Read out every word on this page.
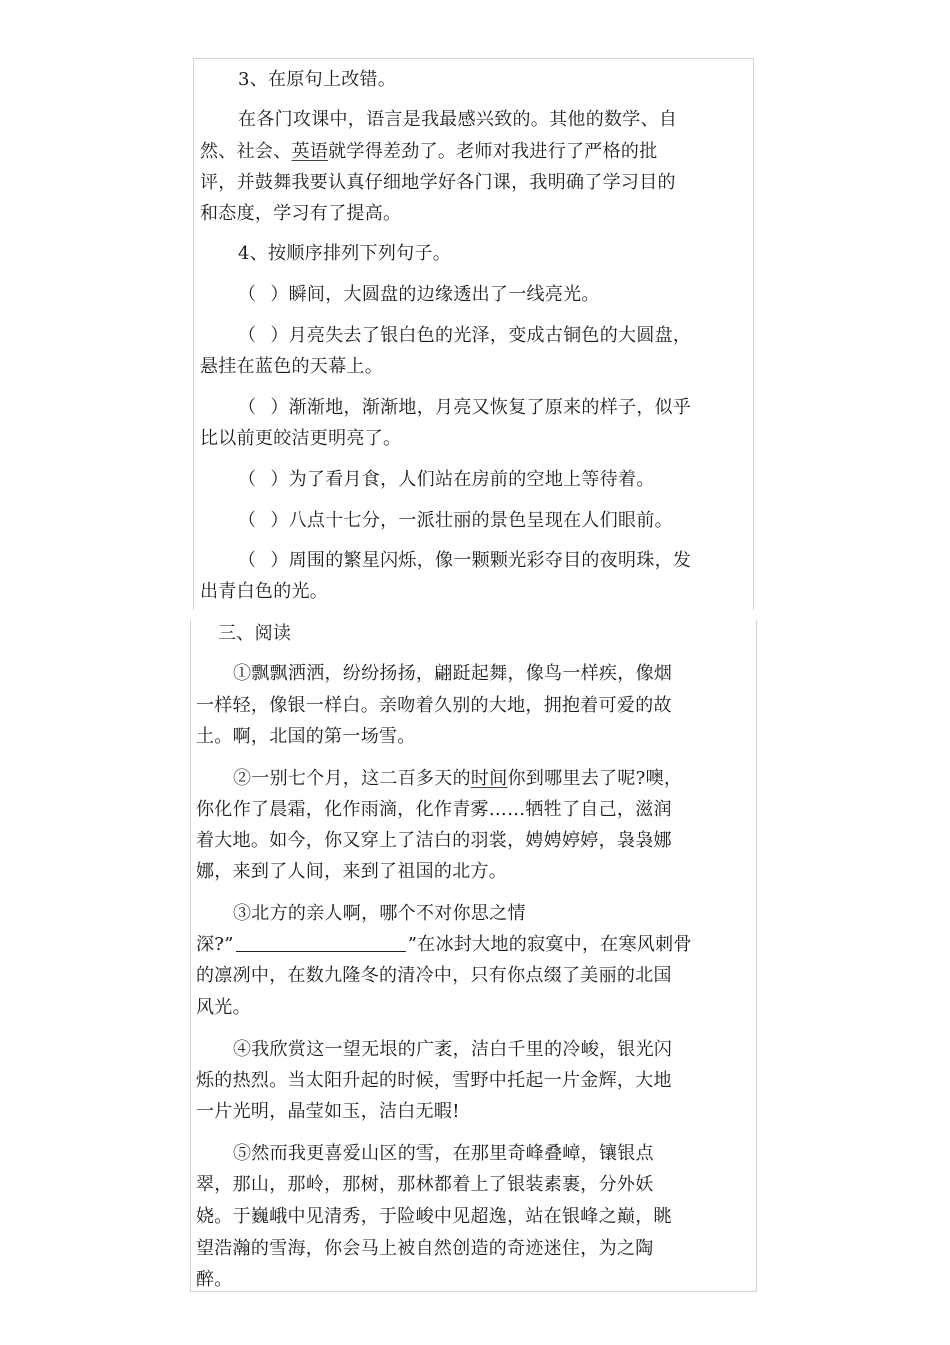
3、在原句上改错。
在各门攻课中，语言是我最感兴致的。其他的数学、自
然、社会、英语就学得差劲了。老师对我进行了严格的批
评，并鼓舞我要认真仔细地学好各门课，我明确了学习目的
和态度，学习有了提高。
4、按顺序排列下列句子。
（ ）瞬间，大圆盘的边缘透出了一线亮光。
（ ）月亮失去了银白色的光泽，变成古铜色的大圆盘，
悬挂在蓝色的天幕上。
（ ）渐渐地，渐渐地，月亮又恢复了原来的样子，似乎
比以前更皎洁更明亮了。
（ ）为了看月食，人们站在房前的空地上等待着。
（ ）八点十七分，一派壮丽的景色呈现在人们眼前。
（ ）周围的繁星闪烁，像一颗颗光彩夺目的夜明珠，发
出青白色的光。
三、阅读
①飘飘洒洒，纷纷扬扬，翩跹起舞，像鸟一样疾，像烟
一样轻，像银一样白。亲吻着久别的大地，拥抱着可爱的故
土。啊，北国的第一场雪。
②一别七个月，这二百多天的时间你到哪里去了呢?噢，
你化作了晨霜，化作雨滴，化作青雾……牺牲了自己，滋润
着大地。如今，你又穿上了洁白的羽裳，娉娉婷婷，袅袅娜
娜，来到了人间，来到了祖国的北方。
③北方的亲人啊，哪个不对你思之情
深?”	”在冰封大地的寂寞中，在寒风刺骨
的凛冽中，在数九隆冬的清冷中，只有你点缀了美丽的北国
风光。
④我欣赏这一望无垠的广袤，洁白千里的冷峻，银光闪
烁的热烈。当太阳升起的时候，雪野中托起一片金辉，大地
一片光明，晶莹如玉，洁白无暇!
⑤然而我更喜爱山区的雪，在那里奇峰叠嶂，镶银点
翠，那山，那岭，那树，那林都着上了银装素裹，分外妖
娆。于巍峨中见清秀，于险峻中见超逸，站在银峰之巅，眺
望浩瀚的雪海，你会马上被自然创造的奇迹迷住，为之陶
醉。
